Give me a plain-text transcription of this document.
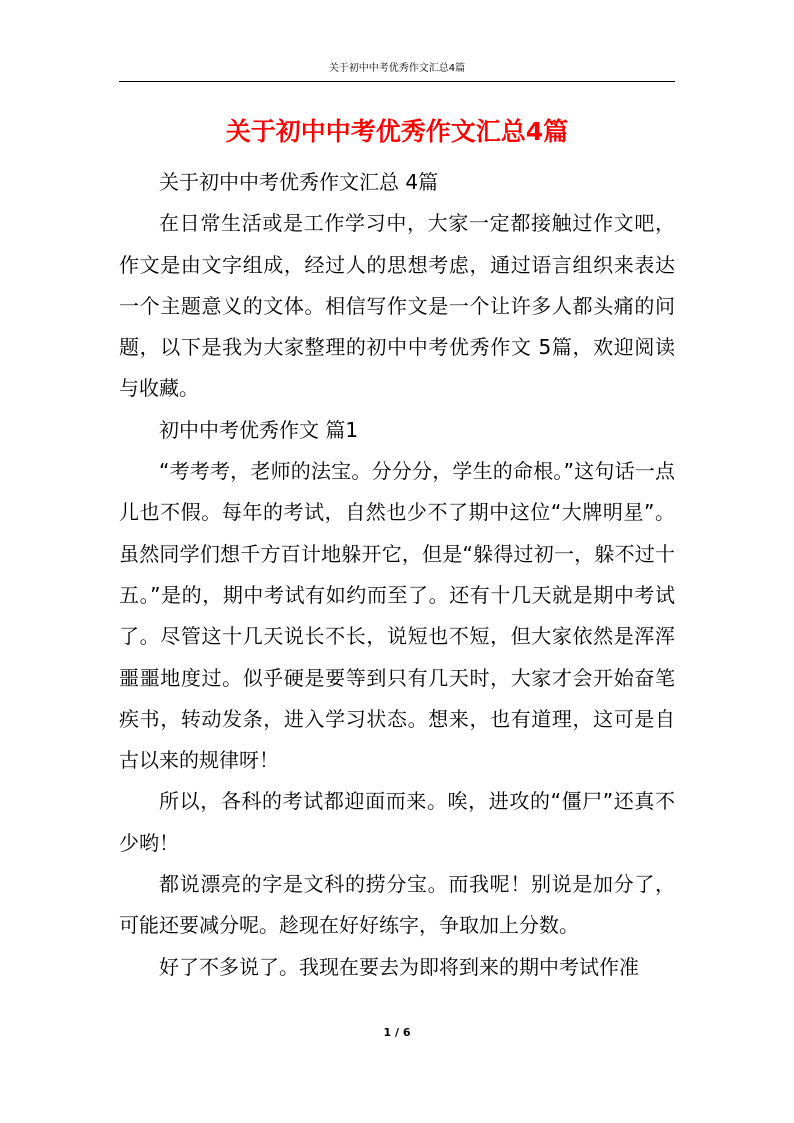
关于初中中考优秀作文汇总4篇
关于初中中考优秀作文汇总4篇

关于初中中考优秀作文汇总 4篇

在日常生活或是工作学习中，大家一定都接触过作文吧，作文是由文字组成，经过人的思想考虑，通过语言组织来表达一个主题意义的文体。相信写作文是一个让许多人都头痛的问题，以下是我为大家整理的初中中考优秀作文 5篇，欢迎阅读与收藏。

初中中考优秀作文 篇1

“考考考，老师的法宝。分分分，学生的命根。”这句话一点儿也不假。每年的考试，自然也少不了期中这位“大牌明星”。虽然同学们想千方百计地躲开它，但是“躲得过初一，躲不过十五。”是的，期中考试有如约而至了。还有十几天就是期中考试了。尽管这十几天说长不长，说短也不短，但大家依然是浑浑噩噩地度过。似乎硬是要等到只有几天时，大家才会开始奋笔疾书，转动发条，进入学习状态。想来，也有道理，这可是自古以来的规律呀！

所以，各科的考试都迎面而来。唉，进攻的“僵尸”还真不少哟！

都说漂亮的字是文科的捞分宝。而我呢！别说是加分了，可能还要减分呢。趁现在好好练字，争取加上分数。

好了不多说了。我现在要去为即将到来的期中考试作准

1 / 6
